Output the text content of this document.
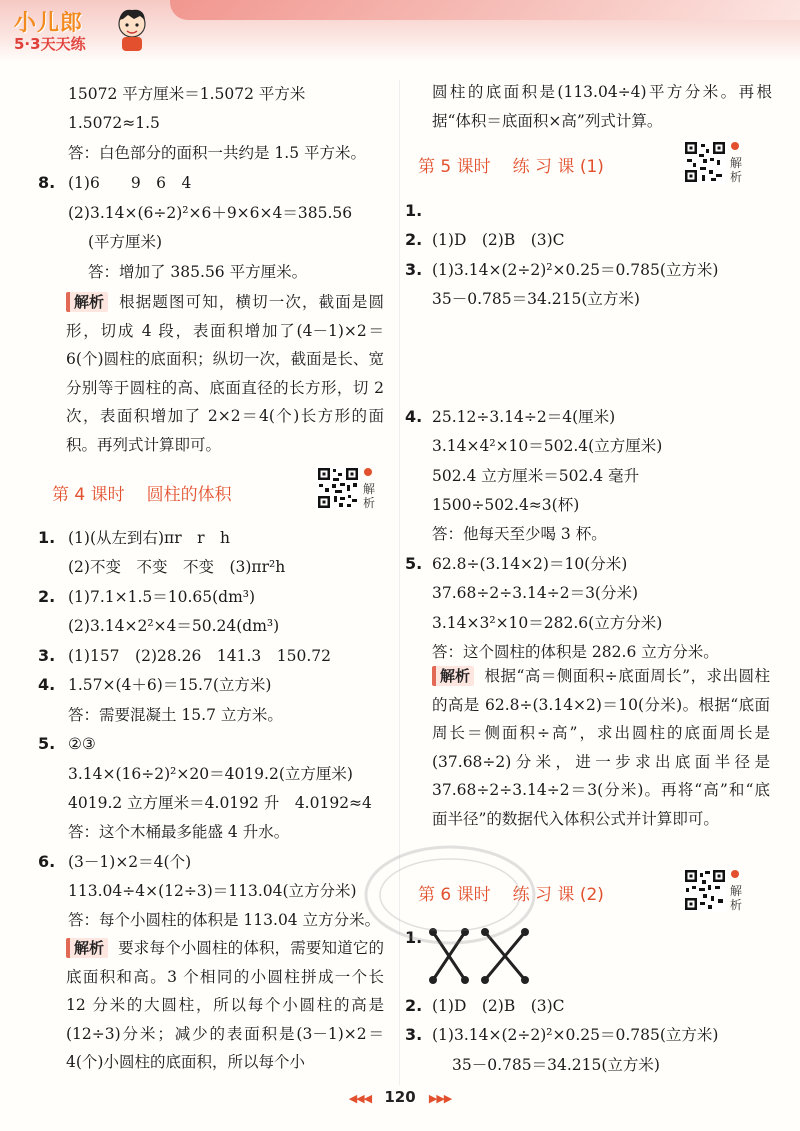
小儿郎
5·3天天练
15072 平方厘米＝1.5072 平方米
1.5072≈1.5
答：白色部分的面积一共约是 1.5 平方米。
8. (1)6　　9　6　4
(2)3.14×(6÷2)²×6＋9×6×4＝385.56
(平方厘米)
答：增加了 385.56 平方厘米。
解析 根据题图可知，横切一次，截面是圆形，切成 4 段，表面积增加了(4－1)×2＝6(个)圆柱的底面积；纵切一次，截面是长、宽分别等于圆柱的高、底面直径的长方形，切 2 次，表面积增加了 2×2＝4(个)长方形的面积。再列式计算即可。
第 4 课时 圆柱的体积	解析
1. (1)(从左到右)πr　r　h
(2)不变　不变　不变　(3)πr²h
2. (1)7.1×1.5＝10.65(dm³)
(2)3.14×2²×4＝50.24(dm³)
3. (1)157　(2)28.26　141.3　150.72
4. 1.57×(4＋6)＝15.7(立方米)
答：需要混凝土 15.7 立方米。
5. ②③
3.14×(16÷2)²×20＝4019.2(立方厘米)
4019.2 立方厘米＝4.0192 升　4.0192≈4
答：这个木桶最多能盛 4 升水。
6. (3－1)×2＝4(个)
113.04÷4×(12÷3)＝113.04(立方分米)
答：每个小圆柱的体积是 113.04 立方分米。
解析 要求每个小圆柱的体积，需要知道它的底面积和高。3 个相同的小圆柱拼成一个长 12 分米的大圆柱，所以每个小圆柱的高是(12÷3)分米；减少的表面积是(3－1)×2＝4(个)小圆柱的底面积，所以每个小
圆柱的底面积是(113.04÷4)平方分米。再根据“体积＝底面积×高”列式计算。
第 5 课时 练 习 课 (1)	解析
1.
2. (1)D　(2)B　(3)C
3. (1)3.14×(2÷2)²×0.25＝0.785(立方米)
35－0.785＝34.215(立方米)
4. 25.12÷3.14÷2＝4(厘米)
3.14×4²×10＝502.4(立方厘米)
502.4 立方厘米＝502.4 毫升
1500÷502.4≈3(杯)
答：他每天至少喝 3 杯。
5. 62.8÷(3.14×2)＝10(分米)
37.68÷2÷3.14÷2＝3(分米)
3.14×3²×10＝282.6(立方分米)
答：这个圆柱的体积是 282.6 立方分米。
解析 根据“高＝侧面积÷底面周长”，求出圆柱的高是 62.8÷(3.14×2)＝10(分米)。根据“底面周长＝侧面积÷高”，求出圆柱的底面周长是(37.68÷2)分米，进一步求出底面半径是 37.68÷2÷3.14÷2＝3(分米)。再将“高”和“底面半径”的数据代入体积公式并计算即可。
第 6 课时 练 习 课 (2)	解析
1.
2. (1)D　(2)B　(3)C
3. (1)3.14×(2÷2)²×0.25＝0.785(立方米)
35－0.785＝34.215(立方米)
◀◀◀ 120 ▶▶▶
